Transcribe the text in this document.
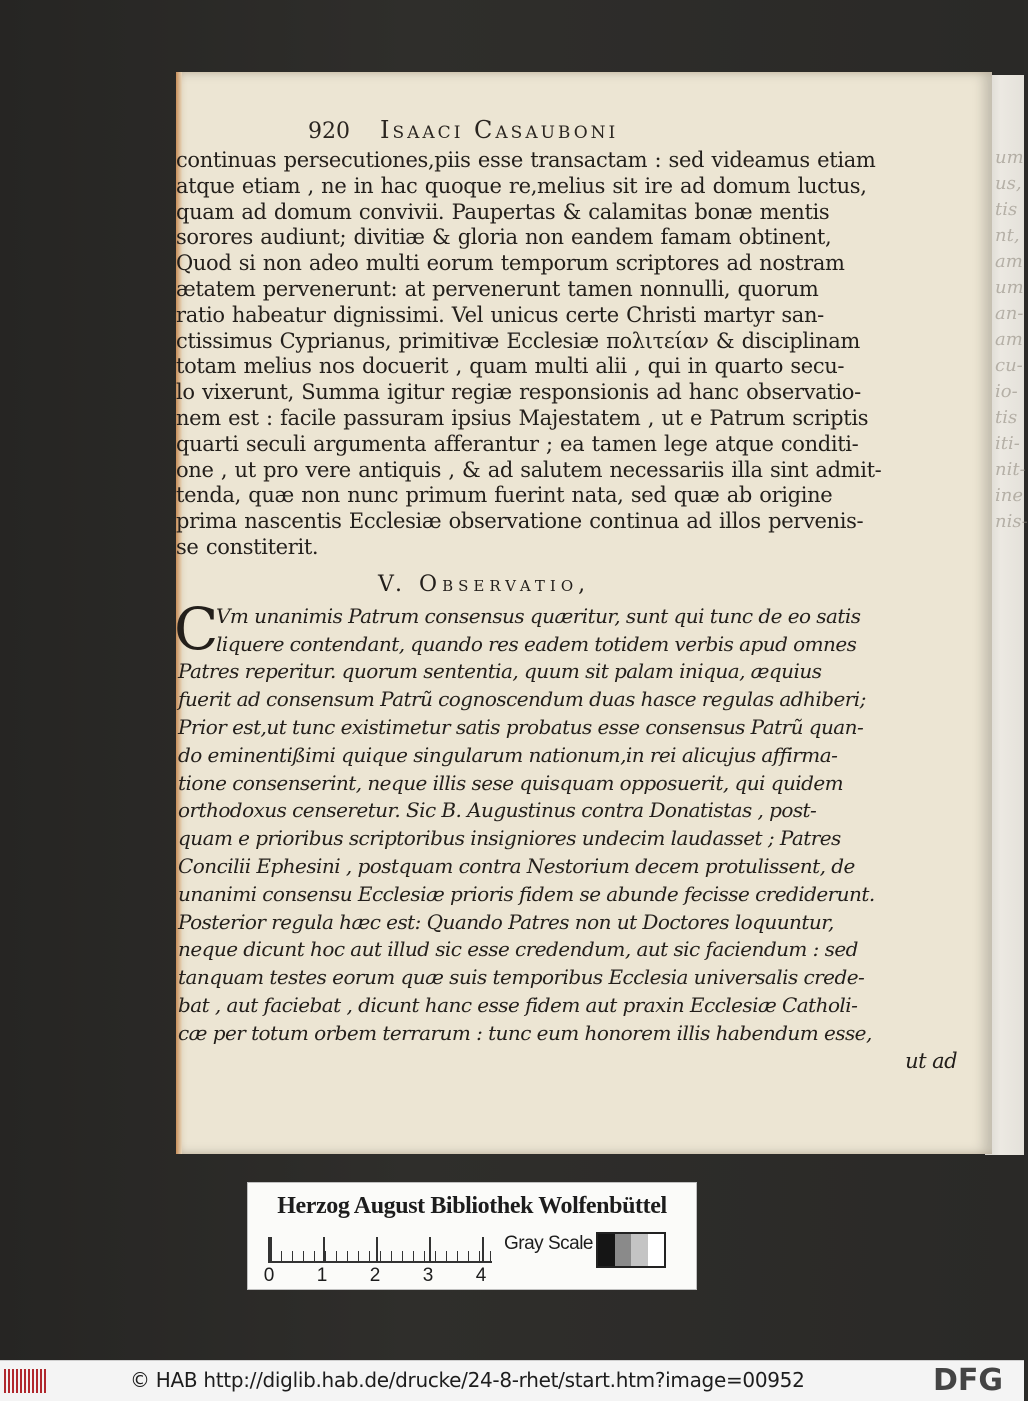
um
us,
tis
nt,
am
um
an-
am
cu-
io-
tis
iti-
nit-
ine
nis-
920 Isaaci Casauboni
continuas persecutiones,piis esse transactam : sed videamus etiam
atque etiam , ne in hac quoque re,melius sit ire ad domum luctus,
quam ad domum convivii. Paupertas & calamitas bonæ mentis
sorores audiunt; divitiæ & gloria non eandem famam obtinent,
Quod si non adeo multi eorum temporum scriptores ad nostram
ætatem pervenerunt: at pervenerunt tamen nonnulli, quorum
ratio habeatur dignissimi. Vel unicus certe Christi martyr san-
ctissimus Cyprianus, primitivæ Ecclesiæ πολιτείαν & disciplinam
totam melius nos docuerit , quam multi alii , qui in quarto secu-
lo vixerunt, Summa igitur regiæ responsionis ad hanc observatio-
nem est : facile passuram ipsius Majestatem , ut e Patrum scriptis
quarti seculi argumenta afferantur ; ea tamen lege atque conditi-
one , ut pro vere antiquis , & ad salutem necessariis illa sint admit-
tenda, quæ non nunc primum fuerint nata, sed quæ ab origine
prima nascentis Ecclesiæ observatione continua ad illos pervenis-
se constiterit.
V. Observatio,
C
Vm unanimis Patrum consensus quæritur, sunt qui tunc de eo satis
liquere contendant, quando res eadem totidem verbis apud omnes
Patres reperitur. quorum sententia, quum sit palam iniqua, æquius
fuerit ad consensum Patrũ cognoscendum duas hasce regulas adhiberi;
Prior est,ut tunc existimetur satis probatus esse consensus Patrũ quan-
do eminentißimi quique singularum nationum,in rei alicujus affirma-
tione consenserint, neque illis sese quisquam opposuerit, qui quidem
orthodoxus censeretur. Sic B. Augustinus contra Donatistas , post-
quam e prioribus scriptoribus insigniores undecim laudasset ; Patres
Concilii Ephesini , postquam contra Nestorium decem protulissent, de
unanimi consensu Ecclesiæ prioris fidem se abunde fecisse crediderunt.
Posterior regula hæc est: Quando Patres non ut Doctores loquuntur,
neque dicunt hoc aut illud sic esse credendum, aut sic faciendum : sed
tanquam testes eorum quæ suis temporibus Ecclesia universalis crede-
bat , aut faciebat , dicunt hanc esse fidem aut praxin Ecclesiæ Catholi-
cæ per totum orbem terrarum : tunc eum honorem illis habendum esse,
ut ad
Herzog August Bibliothek Wolfenbüttel
Gray Scale
0 1 2 3 4
© HAB http://diglib.hab.de/drucke/24-8-rhet/start.htm?image=00952	DFG
